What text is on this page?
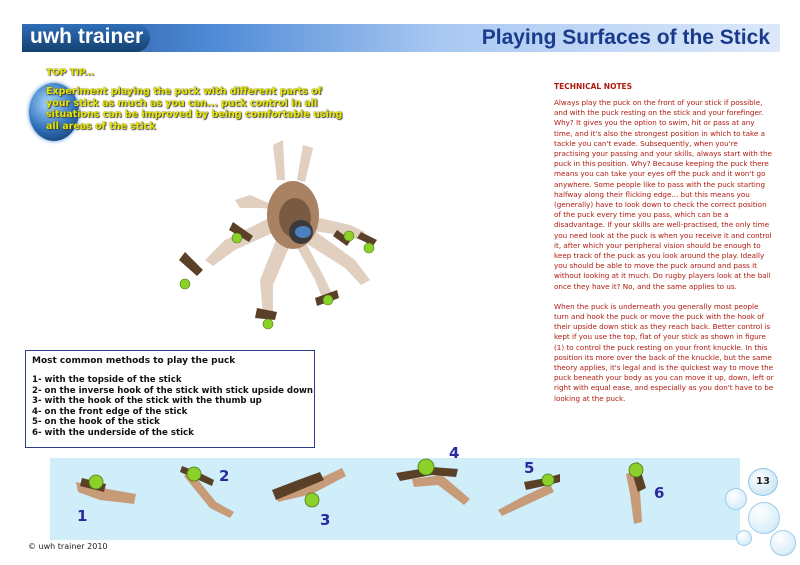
uwh trainer	Playing Surfaces of the Stick
TOP TIP...
Experiment playing the puck with different parts of your stick as much as you can... puck control in all situations can be improved by being comfortable using all areas of the stick
TECHNICAL NOTES

Always play the puck on the front of your stick if possible, and with the puck resting on the stick and your forefinger. Why? It gives you the option to swim, hit or pass at any time, and it's also the strongest position in which to take a tackle you can't evade. Subsequently, when you're practising your passing and your skills, always start with the puck in this position. Why? Because keeping the puck there means you can take your eyes off the puck and it won't go anywhere. Some people like to pass with the puck starting halfway along their flicking edge... but this means you (generally) have to look down to check the correct position of the puck every time you pass, which can be a disadvantage. If your skills are well-practised, the only time you need look at the puck is when you receive it and control it, after which your peripheral vision should be enough to keep track of the puck as you look around the play. Ideally you should be able to move the puck around and pass it without looking at it much. Do rugby players look at the ball once they have it? No, and the same applies to us.

When the puck is underneath you generally most people turn and hook the puck or move the puck with the hook of their upside down stick as they reach back. Better control is kept if you use the top, flat of your stick as shown in figure (1) to control the puck resting on your front knuckle. In this position its more over the back of the knuckle, but the same theory applies, it's legal and is the quickest way to move the puck beneath your body as you can move it up, down, left or right with equal ease, and especially as you don't have to be looking at the puck.

Most common methods to play the puck
1- with the topside of the stick
2- on the inverse hook of the stick with stick upside down
3- with the hook of the stick with the thumb up
4- on the front edge of the stick
5- on the hook of the stick
6- with the underside of the stick
1
2
3
4
5
6
13
© uwh trainer 2010
